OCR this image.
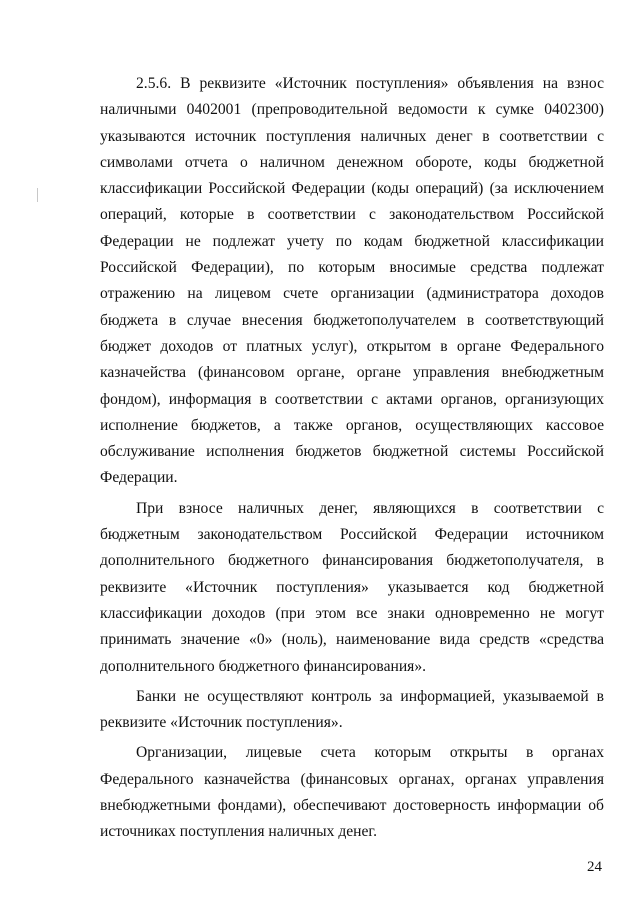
2.5.6. В реквизите «Источник поступления» объявления на взнос наличными 0402001 (препроводительной ведомости к сумке 0402300) указываются источник поступления наличных денег в соответствии с символами отчета о наличном денежном обороте, коды бюджетной классификации Российской Федерации (коды операций) (за исключением операций, которые в соответствии с законодательством Российской Федерации не подлежат учету по кодам бюджетной классификации Российской Федерации), по которым вносимые средства подлежат отражению на лицевом счете организации (администратора доходов бюджета в случае внесения бюджетополучателем в соответствующий бюджет доходов от платных услуг), открытом в органе Федерального казначейства (финансовом органе, органе управления внебюджетным фондом), информация в соответствии с актами органов, организующих исполнение бюджетов, а также органов, осуществляющих кассовое обслуживание исполнения бюджетов бюджетной системы Российской Федерации.

При взносе наличных денег, являющихся в соответствии с бюджетным законодательством Российской Федерации источником дополнительного бюджетного финансирования бюджетополучателя, в реквизите «Источник поступления» указывается код бюджетной классификации доходов (при этом все знаки одновременно не могут принимать значение «0» (ноль), наименование вида средств «средства дополнительного бюджетного финансирования».

Банки не осуществляют контроль за информацией, указываемой в реквизите «Источник поступления».

Организации, лицевые счета которым открыты в органах Федерального казначейства (финансовых органах, органах управления внебюджетными фондами), обеспечивают достоверность информации об источниках поступления наличных денег.

24
